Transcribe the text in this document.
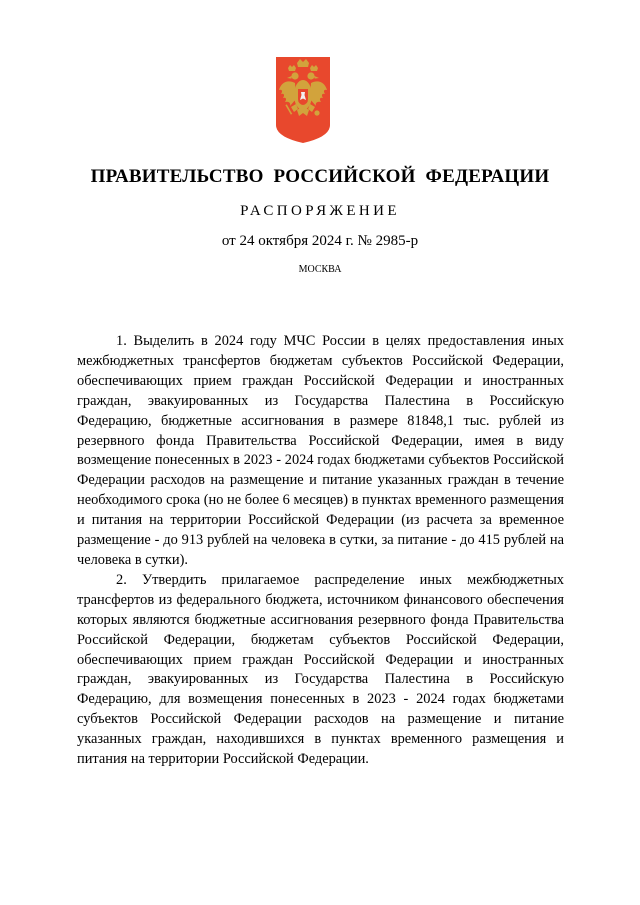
ПРАВИТЕЛЬСТВО РОССИЙСКОЙ ФЕДЕРАЦИИ
РАСПОРЯЖЕНИЕ
от 24 октября 2024 г. № 2985-р
МОСКВА

1. Выделить в 2024 году МЧС России в целях предоставления иных межбюджетных трансфертов бюджетам субъектов Российской Федерации, обеспечивающих прием граждан Российской Федерации и иностранных граждан, эвакуированных из Государства Палестина в Российскую Федерацию, бюджетные ассигнования в размере 81848,1 тыс. рублей из резервного фонда Правительства Российской Федерации, имея в виду возмещение понесенных в 2023 - 2024 годах бюджетами субъектов Российской Федерации расходов на размещение и питание указанных граждан в течение необходимого срока (но не более 6 месяцев) в пунктах временного размещения и питания на территории Российской Федерации (из расчета за временное размещение - до 913 рублей на человека в сутки, за питание - до 415 рублей на человека в сутки).

2. Утвердить прилагаемое распределение иных межбюджетных трансфертов из федерального бюджета, источником финансового обеспечения которых являются бюджетные ассигнования резервного фонда Правительства Российской Федерации, бюджетам субъектов Российской Федерации, обеспечивающих прием граждан Российской Федерации и иностранных граждан, эвакуированных из Государства Палестина в Российскую Федерацию, для возмещения понесенных в 2023 - 2024 годах бюджетами субъектов Российской Федерации расходов на размещение и питание указанных граждан, находившихся в пунктах временного размещения и питания на территории Российской Федерации.
